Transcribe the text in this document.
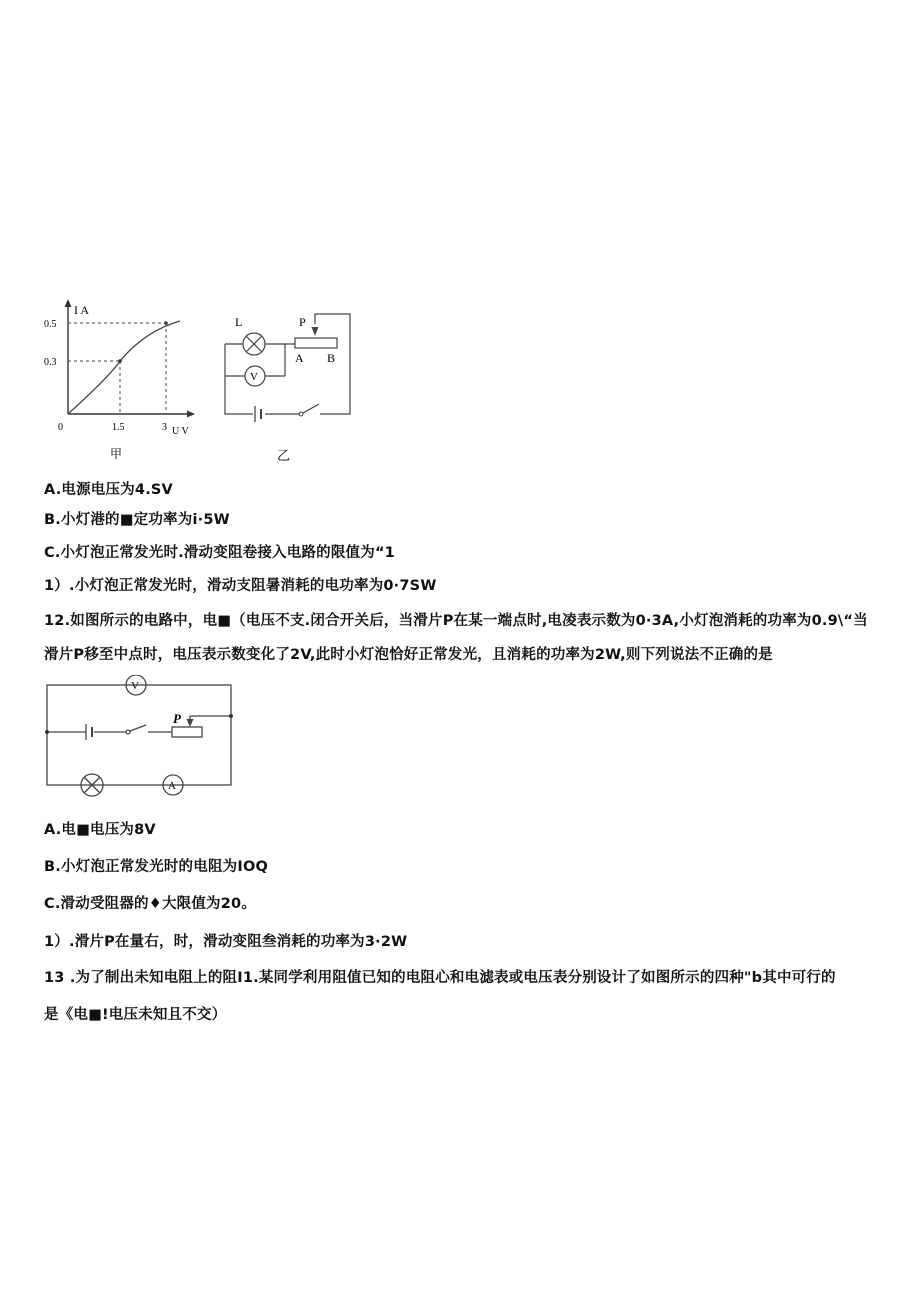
I A
0.5
0.3
0	1.5	3 U V
甲
L	P
A B
V
乙
A.电源电压为4.SV
B.小灯港的■定功率为i·5W
C.小灯泡正常发光时.滑动变阻卷接入电路的限值为“1
1）.小灯泡正常发光时，滑动支阻暑消耗的电功率为0·7SW
12.如图所示的电路中，电■（电压不支.闭合开关后，当滑片P在某一端点时,电凌表示数为0·3A,小灯泡消耗的功率为0.9\“当
滑片P移至中点时，电压表示数变化了2V,此时小灯泡恰好正常发光，且消耗的功率为2W,则下列说法不正确的是
V
A
P
A.电■电压为8V
B.小灯泡正常发光时的电阻为IOQ
C.滑动受阻器的♦大限值为20。
1）.滑片P在量右，时，滑动变阻叁消耗的功率为3·2W
13 .为了制出未知电阻上的阻I1.某同学利用阻值已知的电阻心和电滤表或电压表分别设计了如图所示的四种"b其中可行的
是《电■!电压未知且不交）
